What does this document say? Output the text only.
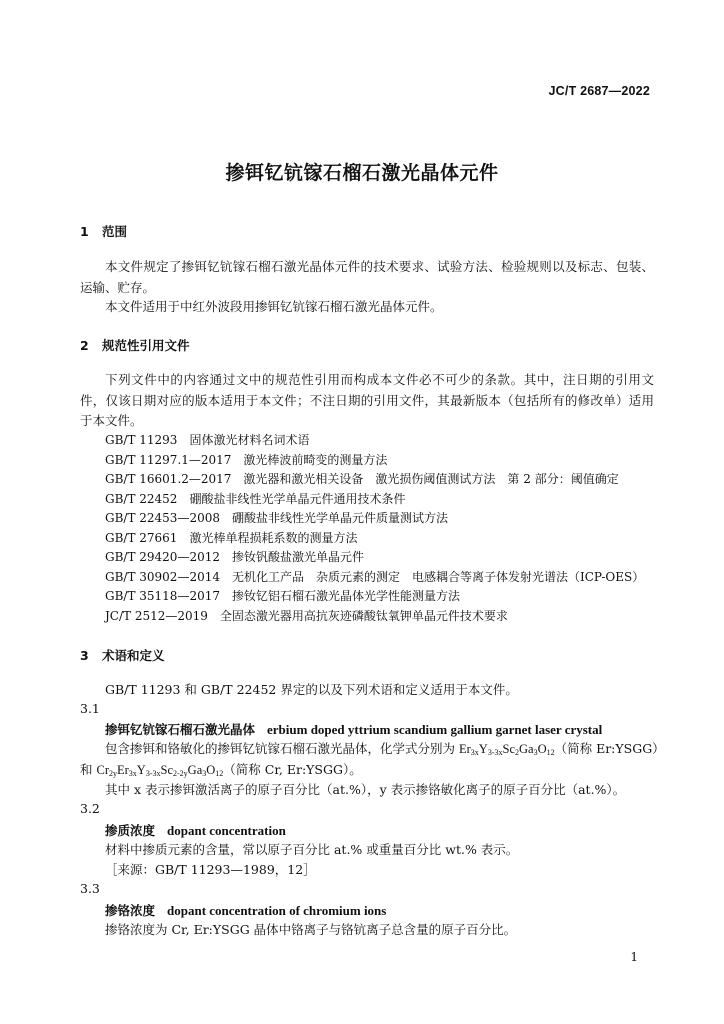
JC/T 2687—2022
掺铒钇钪镓石榴石激光晶体元件
1 范围

本文件规定了掺铒钇钪镓石榴石激光晶体元件的技术要求、试验方法、检验规则以及标志、包装、运输、贮存。

本文件适用于中红外波段用掺铒钇钪镓石榴石激光晶体元件。

2 规范性引用文件

下列文件中的内容通过文中的规范性引用而构成本文件必不可少的条款。其中，注日期的引用文件，仅该日期对应的版本适用于本文件；不注日期的引用文件，其最新版本（包括所有的修改单）适用于本文件。

GB/T 11293　固体激光材料名词术语
GB/T 11297.1—2017　激光棒波前畸变的测量方法
GB/T 16601.2—2017　激光器和激光相关设备　激光损伤阈值测试方法　第 2 部分：阈值确定
GB/T 22452　硼酸盐非线性光学单晶元件通用技术条件
GB/T 22453—2008　硼酸盐非线性光学单晶元件质量测试方法
GB/T 27661　激光棒单程损耗系数的测量方法
GB/T 29420—2012　掺钕钒酸盐激光单晶元件
GB/T 30902—2014　无机化工产品　杂质元素的测定　电感耦合等离子体发射光谱法（ICP-OES）
GB/T 35118—2017　掺钕钇铝石榴石激光晶体光学性能测量方法
JC/T 2512—2019　全固态激光器用高抗灰迹磷酸钛氧钾单晶元件技术要求
3 术语和定义
GB/T 11293 和 GB/T 22452 界定的以及下列术语和定义适用于本文件。
3.1
掺铒钇钪镓石榴石激光晶体 erbium doped yttrium scandium gallium garnet laser crystal
包含掺铒和铬敏化的掺铒钇钪镓石榴石激光晶体，化学式分别为 $Er_{3x}Y_{3-3x}Sc_2Ga_3O_{12}$（简称 Er:YSGG）
和 $Cr_{2y}Er_{3x}Y_{3-3x}Sc_{2-2y}Ga_3O_{12}$（简称 Cr, Er:YSGG）。
其中 x 表示掺铒激活离子的原子百分比（at.%），y 表示掺铬敏化离子的原子百分比（at.%）。
3.2
掺质浓度 dopant concentration
材料中掺质元素的含量，常以原子百分比 at.% 或重量百分比 wt.% 表示。
［来源：GB/T 11293—1989，12］
3.3
掺铬浓度 dopant concentration of chromium ions
掺铬浓度为 Cr, Er:YSGG 晶体中铬离子与铬钪离子总含量的原子百分比。
1
